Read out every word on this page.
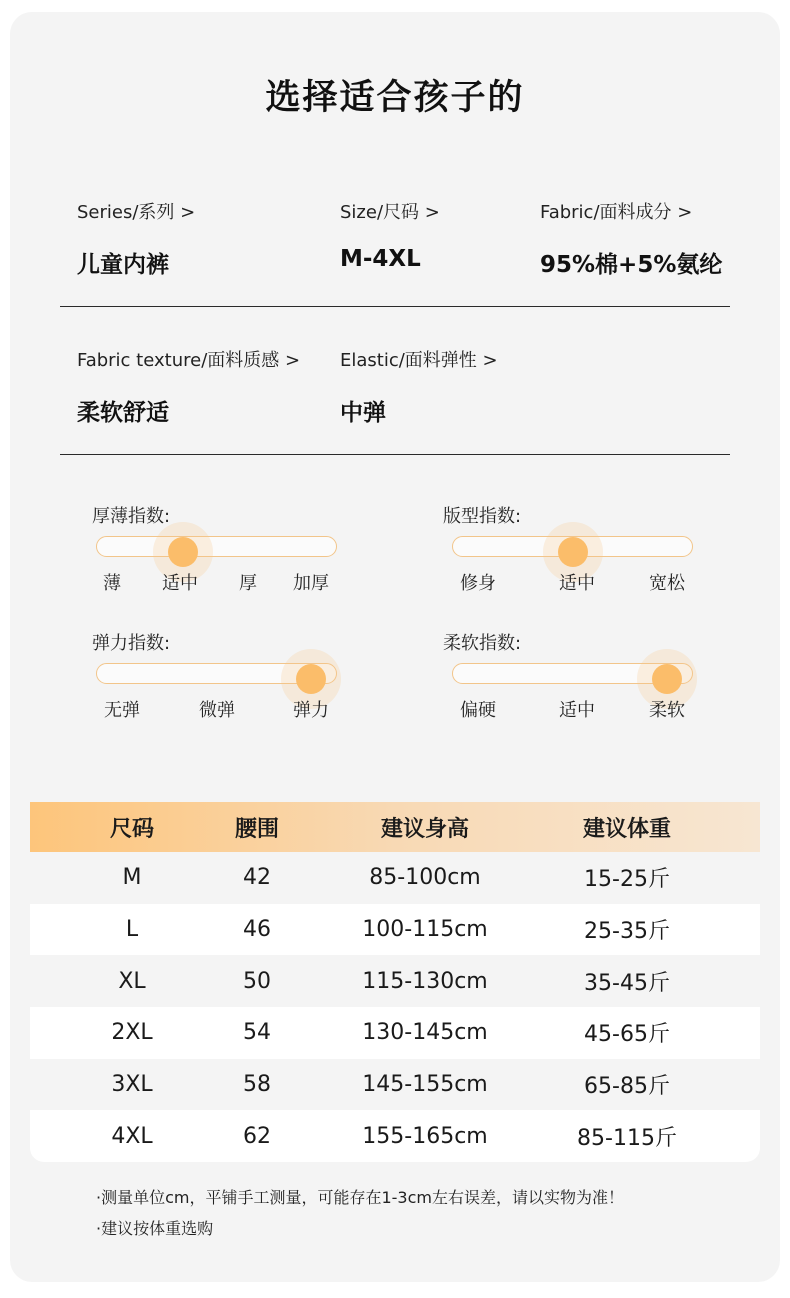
选择适合孩子的
Series/系列 >
儿童内裤
Size/尺码 >
M-4XL
Fabric/面料成分 >
95%棉+5%氨纶
Fabric texture/面料质感 >
柔软舒适
Elastic/面料弹性 >
中弹
厚薄指数:
薄 适中 厚 加厚
版型指数:
修身	适中	宽松
弹力指数:
无弹	微弹	弹力
柔软指数:
偏硬	适中	柔软
尺码	腰围	建议身高	建议体重
M	42	85-100cm	15-25斤
L	46	100-115cm	25-35斤
XL	50	115-130cm	35-45斤
2XL	54	130-145cm	45-65斤
3XL	58	145-155cm	65-85斤
4XL	62	155-165cm	85-115斤
·测量单位cm，平铺手工测量，可能存在1-3cm左右误差，请以实物为准！
·建议按体重选购
